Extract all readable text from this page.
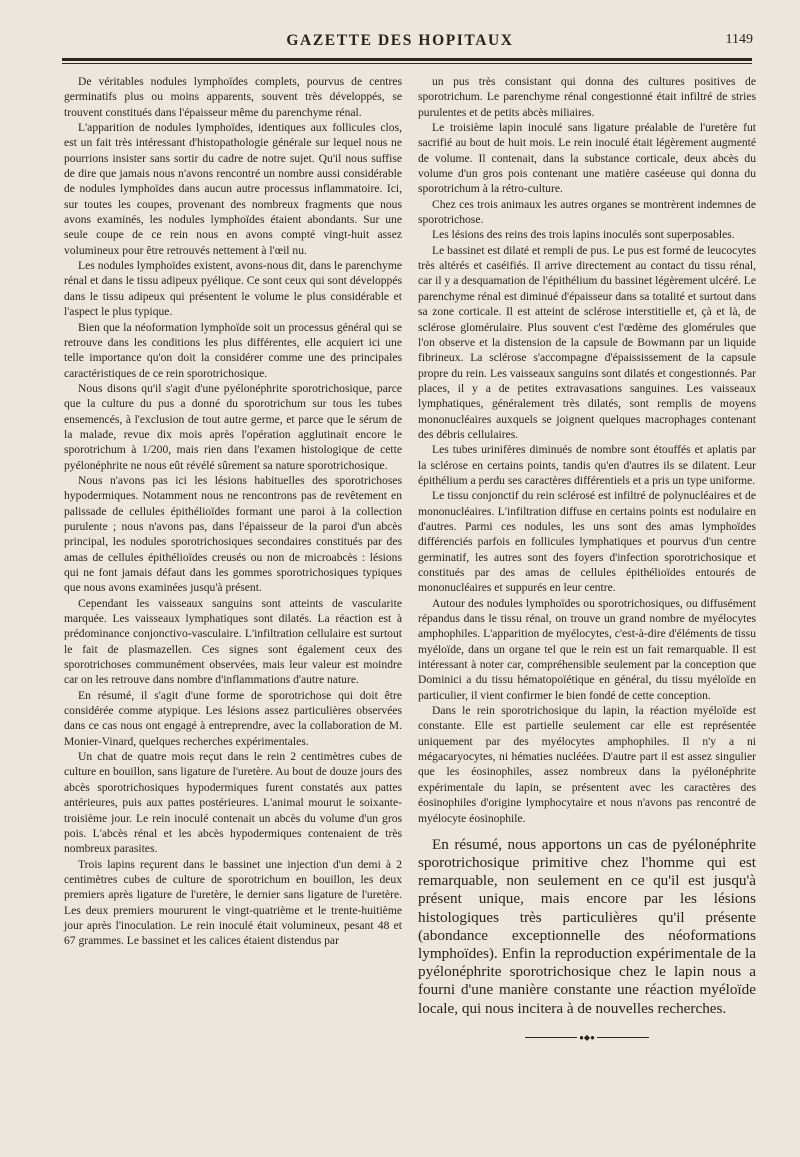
GAZETTE DES HOPITAUX	1149

De véritables nodules lymphoïdes complets, pourvus de centres germinatifs plus ou moins apparents, souvent très développés, se trouvent constitués dans l'épaisseur même du parenchyme rénal.

L'apparition de nodules lymphoïdes, identiques aux follicules clos, est un fait très intéressant d'histopathologie générale sur lequel nous ne pourrions insister sans sortir du cadre de notre sujet. Qu'il nous suffise de dire que jamais nous n'avons rencontré un nombre aussi considérable de nodules lymphoïdes dans aucun autre processus inflammatoire. Ici, sur toutes les coupes, provenant des nombreux fragments que nous avons examinés, les nodules lymphoïdes étaient abondants. Sur une seule coupe de ce rein nous en avons compté vingt-huit assez volumineux pour être retrouvés nettement à l'œil nu.

Les nodules lymphoïdes existent, avons-nous dit, dans le parenchyme rénal et dans le tissu adipeux pyélique. Ce sont ceux qui sont développés dans le tissu adipeux qui présentent le volume le plus considérable et l'aspect le plus typique.

Bien que la néoformation lymphoïde soit un processus général qui se retrouve dans les conditions les plus différentes, elle acquiert ici une telle importance qu'on doit la considérer comme une des principales caractéristiques de ce rein sporotrichosique.

Nous disons qu'il s'agit d'une pyélonéphrite sporotrichosique, parce que la culture du pus a donné du sporotrichum sur tous les tubes ensemencés, à l'exclusion de tout autre germe, et parce que le sérum de la malade, revue dix mois après l'opération agglutinait encore le sporotrichum à 1/200, mais rien dans l'examen histologique de cette pyélonéphrite ne nous eût révélé sûrement sa nature sporotrichosique.

Nous n'avons pas ici les lésions habituelles des sporotrichoses hypodermiques. Notamment nous ne rencontrons pas de revêtement en palissade de cellules épithélioïdes formant une paroi à la collection purulente ; nous n'avons pas, dans l'épaisseur de la paroi d'un abcès principal, les nodules sporotrichosiques secondaires constitués par des amas de cellules épithélioïdes creusés ou non de microabcès : lésions qui ne font jamais défaut dans les gommes sporotrichosiques typiques que nous avons examinées jusqu'à présent.

Cependant les vaisseaux sanguins sont atteints de vascularite marquée. Les vaisseaux lymphatiques sont dilatés. La réaction est à prédominance conjonctivo-vasculaire. L'infiltration cellulaire est surtout le fait de plasmazellen. Ces signes sont également ceux des sporotrichoses communément observées, mais leur valeur est moindre car on les retrouve dans nombre d'inflammations d'autre nature.

En résumé, il s'agit d'une forme de sporotrichose qui doit être considérée comme atypique. Les lésions assez particulières observées dans ce cas nous ont engagé à entreprendre, avec la collaboration de M. Monier-Vinard, quelques recherches expérimentales.

Un chat de quatre mois reçut dans le rein 2 centimètres cubes de culture en bouillon, sans ligature de l'uretère. Au bout de douze jours des abcès sporotrichosiques hypodermiques furent constatés aux pattes antérieures, puis aux pattes postérieures. L'animal mourut le soixante-troisième jour. Le rein inoculé contenait un abcès du volume d'un gros pois. L'abcès rénal et les abcès hypodermiques contenaient de très nombreux parasites.

Trois lapins reçurent dans le bassinet une injection d'un demi à 2 centimètres cubes de culture de sporotrichum en bouillon, les deux premiers après ligature de l'uretère, le dernier sans ligature de l'uretère. Les deux premiers moururent le vingt-quatrième et le trente-huitième jour après l'inoculation. Le rein inoculé était volumineux, pesant 48 et 67 grammes. Le bassinet et les calices étaient distendus par

un pus très consistant qui donna des cultures positives de sporotrichum. Le parenchyme rénal congestionné était infiltré de stries purulentes et de petits abcès miliaires.

Le troisième lapin inoculé sans ligature préalable de l'uretère fut sacrifié au bout de huit mois. Le rein inoculé était légèrement augmenté de volume. Il contenait, dans la substance corticale, deux abcès du volume d'un gros pois contenant une matière caséeuse qui donna du sporotrichum à la rétro-culture.

Chez ces trois animaux les autres organes se montrèrent indemnes de sporotrichose.

Les lésions des reins des trois lapins inoculés sont superposables.

Le bassinet est dilaté et rempli de pus. Le pus est formé de leucocytes très altérés et caséifiés. Il arrive directement au contact du tissu rénal, car il y a desquamation de l'épithélium du bassinet légèrement ulcéré. Le parenchyme rénal est diminué d'épaisseur dans sa totalité et surtout dans sa zone corticale. Il est atteint de sclérose interstitielle et, çà et là, de sclérose glomérulaire. Plus souvent c'est l'œdème des glomérules que l'on observe et la distension de la capsule de Bowmann par un liquide fibrineux. La sclérose s'accompagne d'épaississement de la capsule propre du rein. Les vaisseaux sanguins sont dilatés et congestionnés. Par places, il y a de petites extravasations sanguines. Les vaisseaux lymphatiques, généralement très dilatés, sont remplis de moyens mononucléaires auxquels se joignent quelques macrophages contenant des débris cellulaires.

Les tubes urinifères diminués de nombre sont étouffés et aplatis par la sclérose en certains points, tandis qu'en d'autres ils se dilatent. Leur épithélium a perdu ses caractères différentiels et a pris un type uniforme.

Le tissu conjonctif du rein sclérosé est infiltré de polynucléaires et de mononucléaires. L'infiltration diffuse en certains points est nodulaire en d'autres. Parmi ces nodules, les uns sont des amas lymphoïdes différenciés parfois en follicules lymphatiques et pourvus d'un centre germinatif, les autres sont des foyers d'infection sporotrichosique et constitués par des amas de cellules épithélioïdes entourés de mononucléaires et suppurés en leur centre.

Autour des nodules lymphoïdes ou sporotrichosiques, ou diffusément répandus dans le tissu rénal, on trouve un grand nombre de myélocytes amphophiles. L'apparition de myélocytes, c'est-à-dire d'éléments de tissu myéloïde, dans un organe tel que le rein est un fait remarquable. Il est intéressant à noter car, compréhensible seulement par la conception que Dominici a du tissu hématopoïétique en général, du tissu myéloïde en particulier, il vient confirmer le bien fondé de cette conception.

Dans le rein sporotrichosique du lapin, la réaction myéloïde est constante. Elle est partielle seulement car elle est représentée uniquement par des myélocytes amphophiles. Il n'y a ni mégacaryocytes, ni hématies nucléées. D'autre part il est assez singulier que les éosinophiles, assez nombreux dans la pyélonéphrite expérimentale du lapin, se présentent avec les caractères des éosinophiles d'origine lymphocytaire et nous n'avons pas rencontré de myélocyte éosinophile.

En résumé, nous apportons un cas de pyélonéphrite sporotrichosique primitive chez l'homme qui est remarquable, non seulement en ce qu'il est jusqu'à présent unique, mais encore par les lésions histologiques très particulières qu'il présente (abondance exceptionnelle des néoformations lymphoïdes). Enfin la reproduction expérimentale de la pyélonéphrite sporotrichosique chez le lapin nous a fourni d'une manière constante une réaction myéloïde locale, qui nous incitera à de nouvelles recherches.

●◆●
